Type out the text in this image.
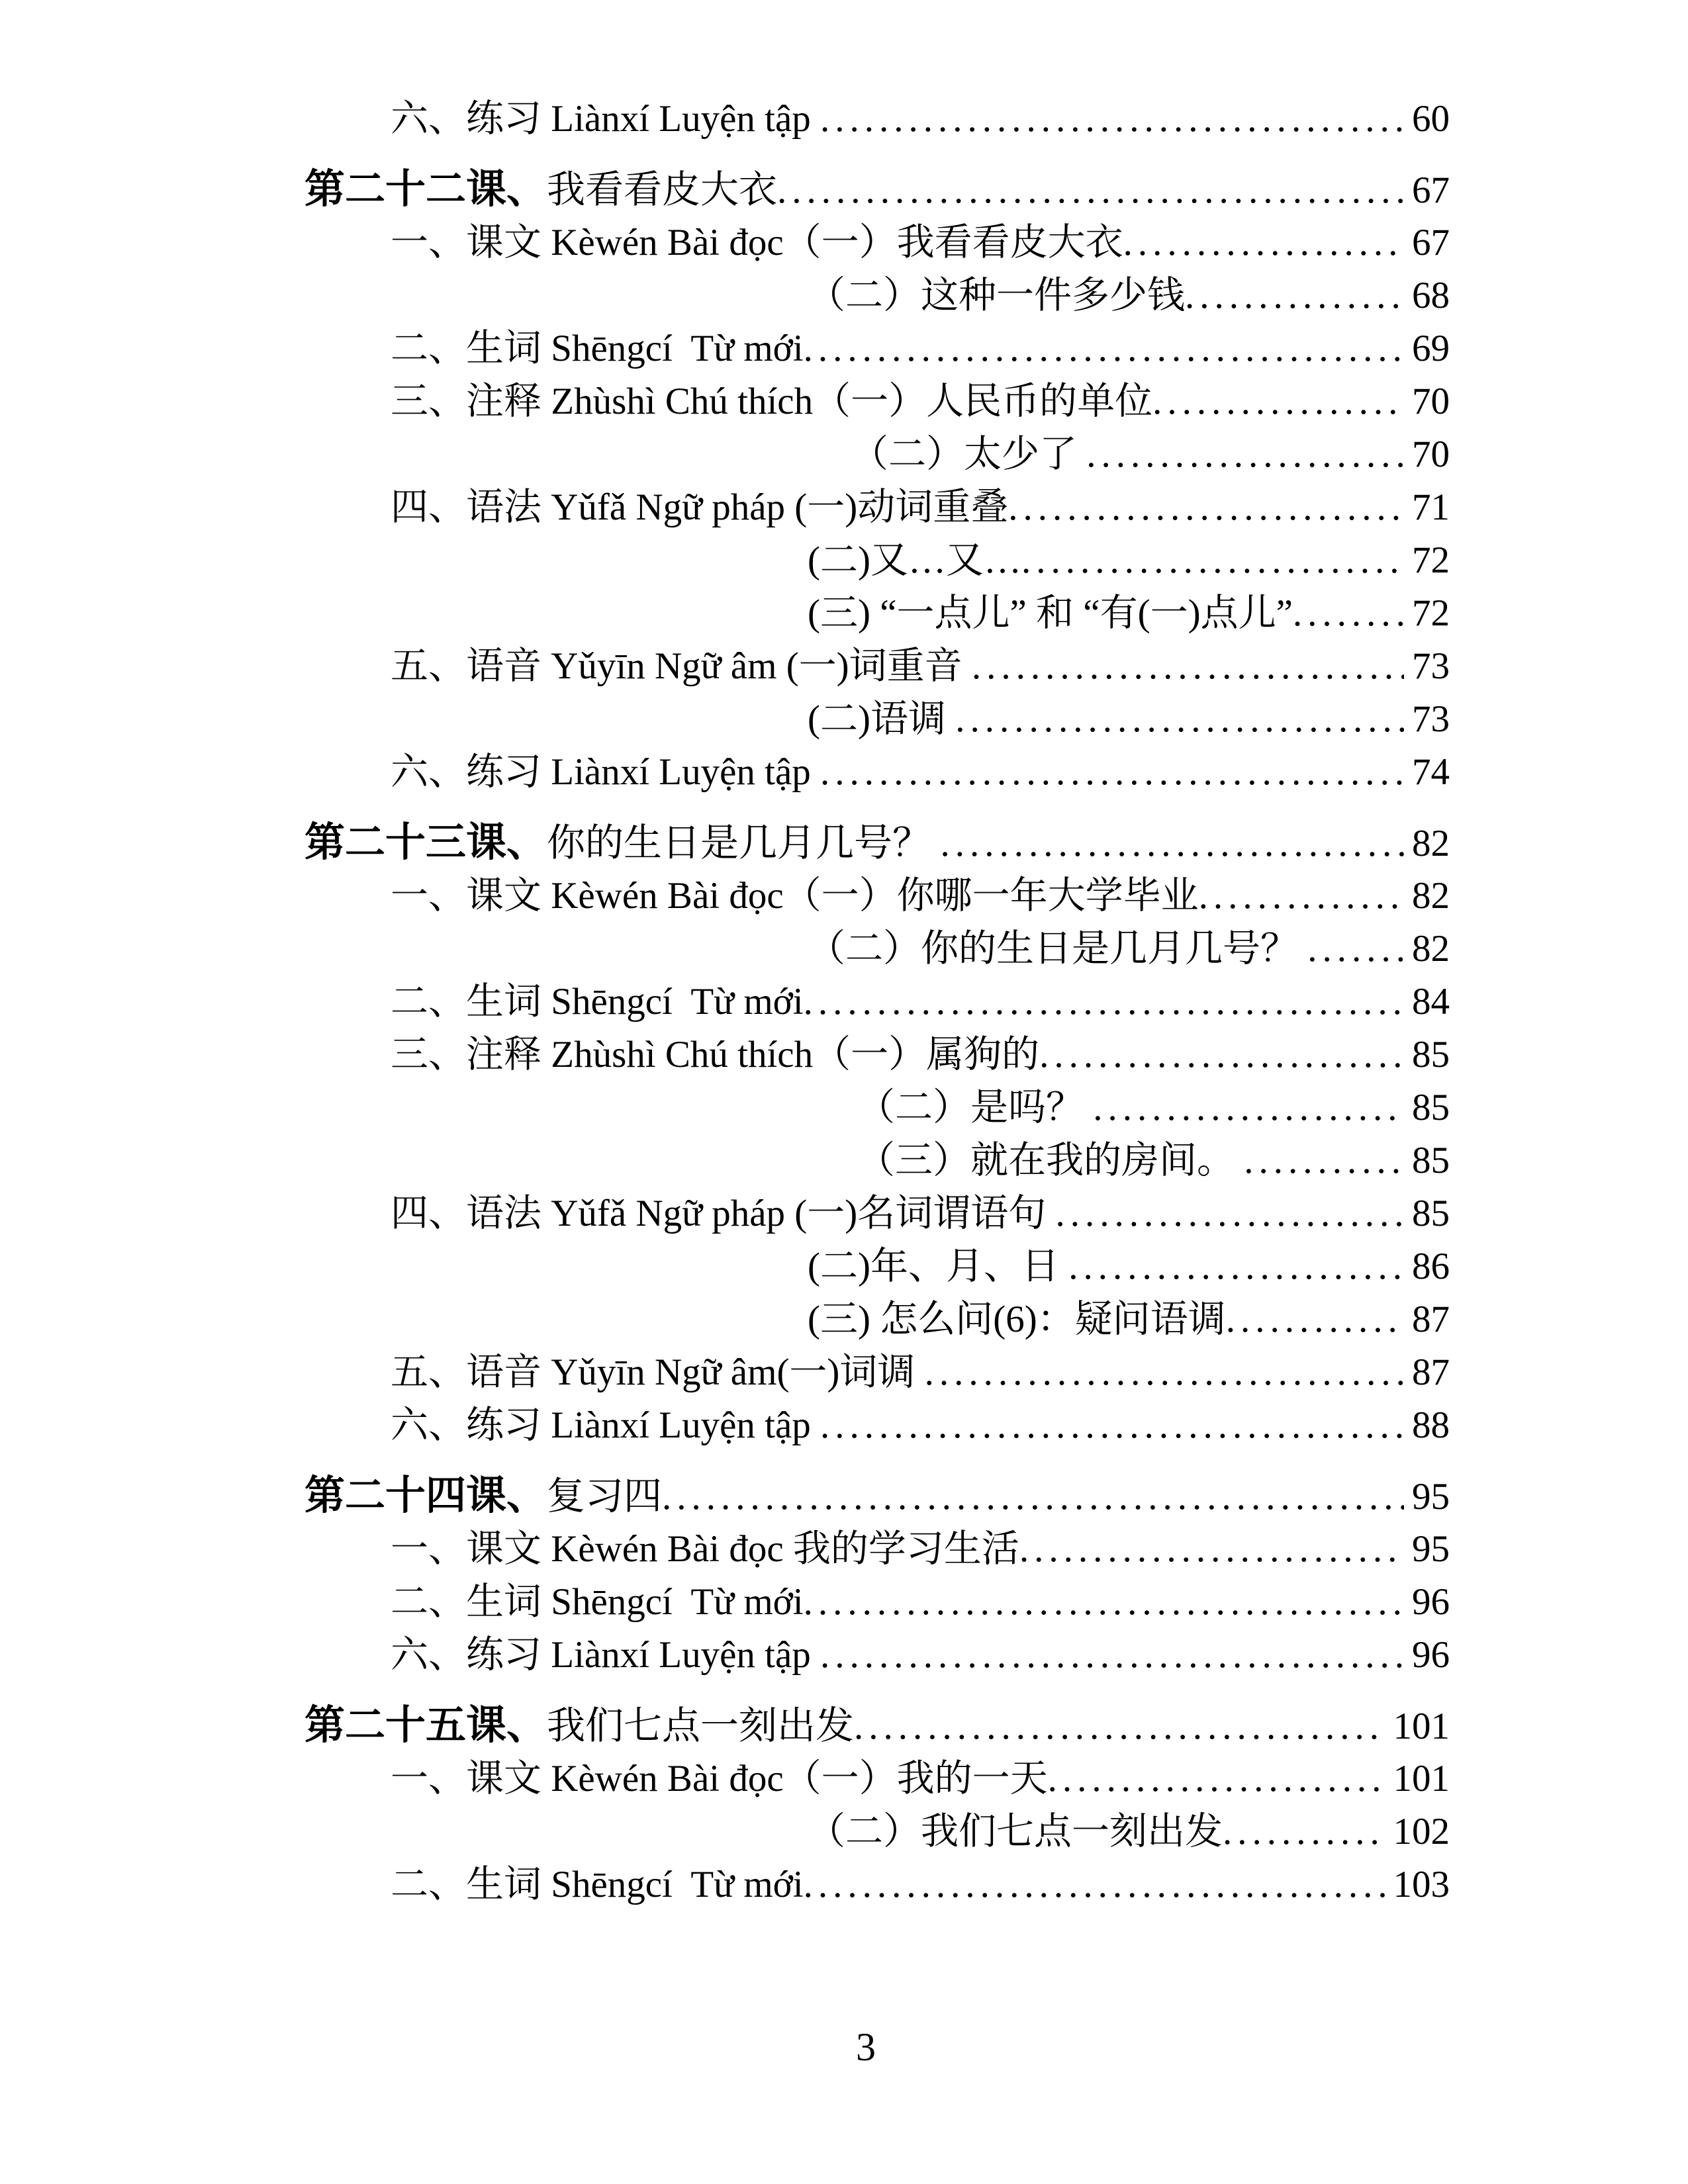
六、练习 Liànxí Luyện tập .....	60
第二十二课、 我看看皮大衣 .....	67
一、课文 Kèwén Bài đọc（一）我看看皮大衣 .....	67
（二）这种一件多少钱 .....	68
二、生词 Shēngcí  Từ mới .....	69
三、注释 Zhùshì Chú thích（一）人民币的单位 .....	70
（二）太少了 .....	70
四、语法 Yǔfǎ Ngữ pháp (一)动词重叠 .....	71
(二)又…又… .....	72
(三) “一点儿” 和 “有(一)点儿” .....	72
五、语音 Yǔyīn Ngữ âm (一)词重音 .....	73
(二)语调 .....	73
六、练习 Liànxí Luyện tập .....	74
第二十三课、 你的生日是几月几号？ .....	82
一、课文 Kèwén Bài đọc（一）你哪一年大学毕业 .....	82
（二）你的生日是几月几号？ .....	82
二、生词 Shēngcí  Từ mới .....	84
三、注释 Zhùshì Chú thích（一）属狗的 .....	85
（二）是吗？ .....	85
（三）就在我的房间。 .....	85
四、语法 Yǔfǎ Ngữ pháp (一)名词谓语句 .....	85
(二)年、月、日 .....	86
(三) 怎么问(6)：疑问语调 .....	87
五、语音 Yǔyīn Ngữ âm(一)词调 .....	87
六、练习 Liànxí Luyện tập .....	88
第二十四课、 复习四 .....	95
一、课文 Kèwén Bài đọc 我的学习生活 .....	95
二、生词 Shēngcí  Từ mới .....	96
六、练习 Liànxí Luyện tập .....	96
第二十五课、 我们七点一刻出发 .....	101
一、课文 Kèwén Bài đọc（一）我的一天 .....	101
（二）我们七点一刻出发 .....	102
二、生词 Shēngcí  Từ mới .....	103
3
